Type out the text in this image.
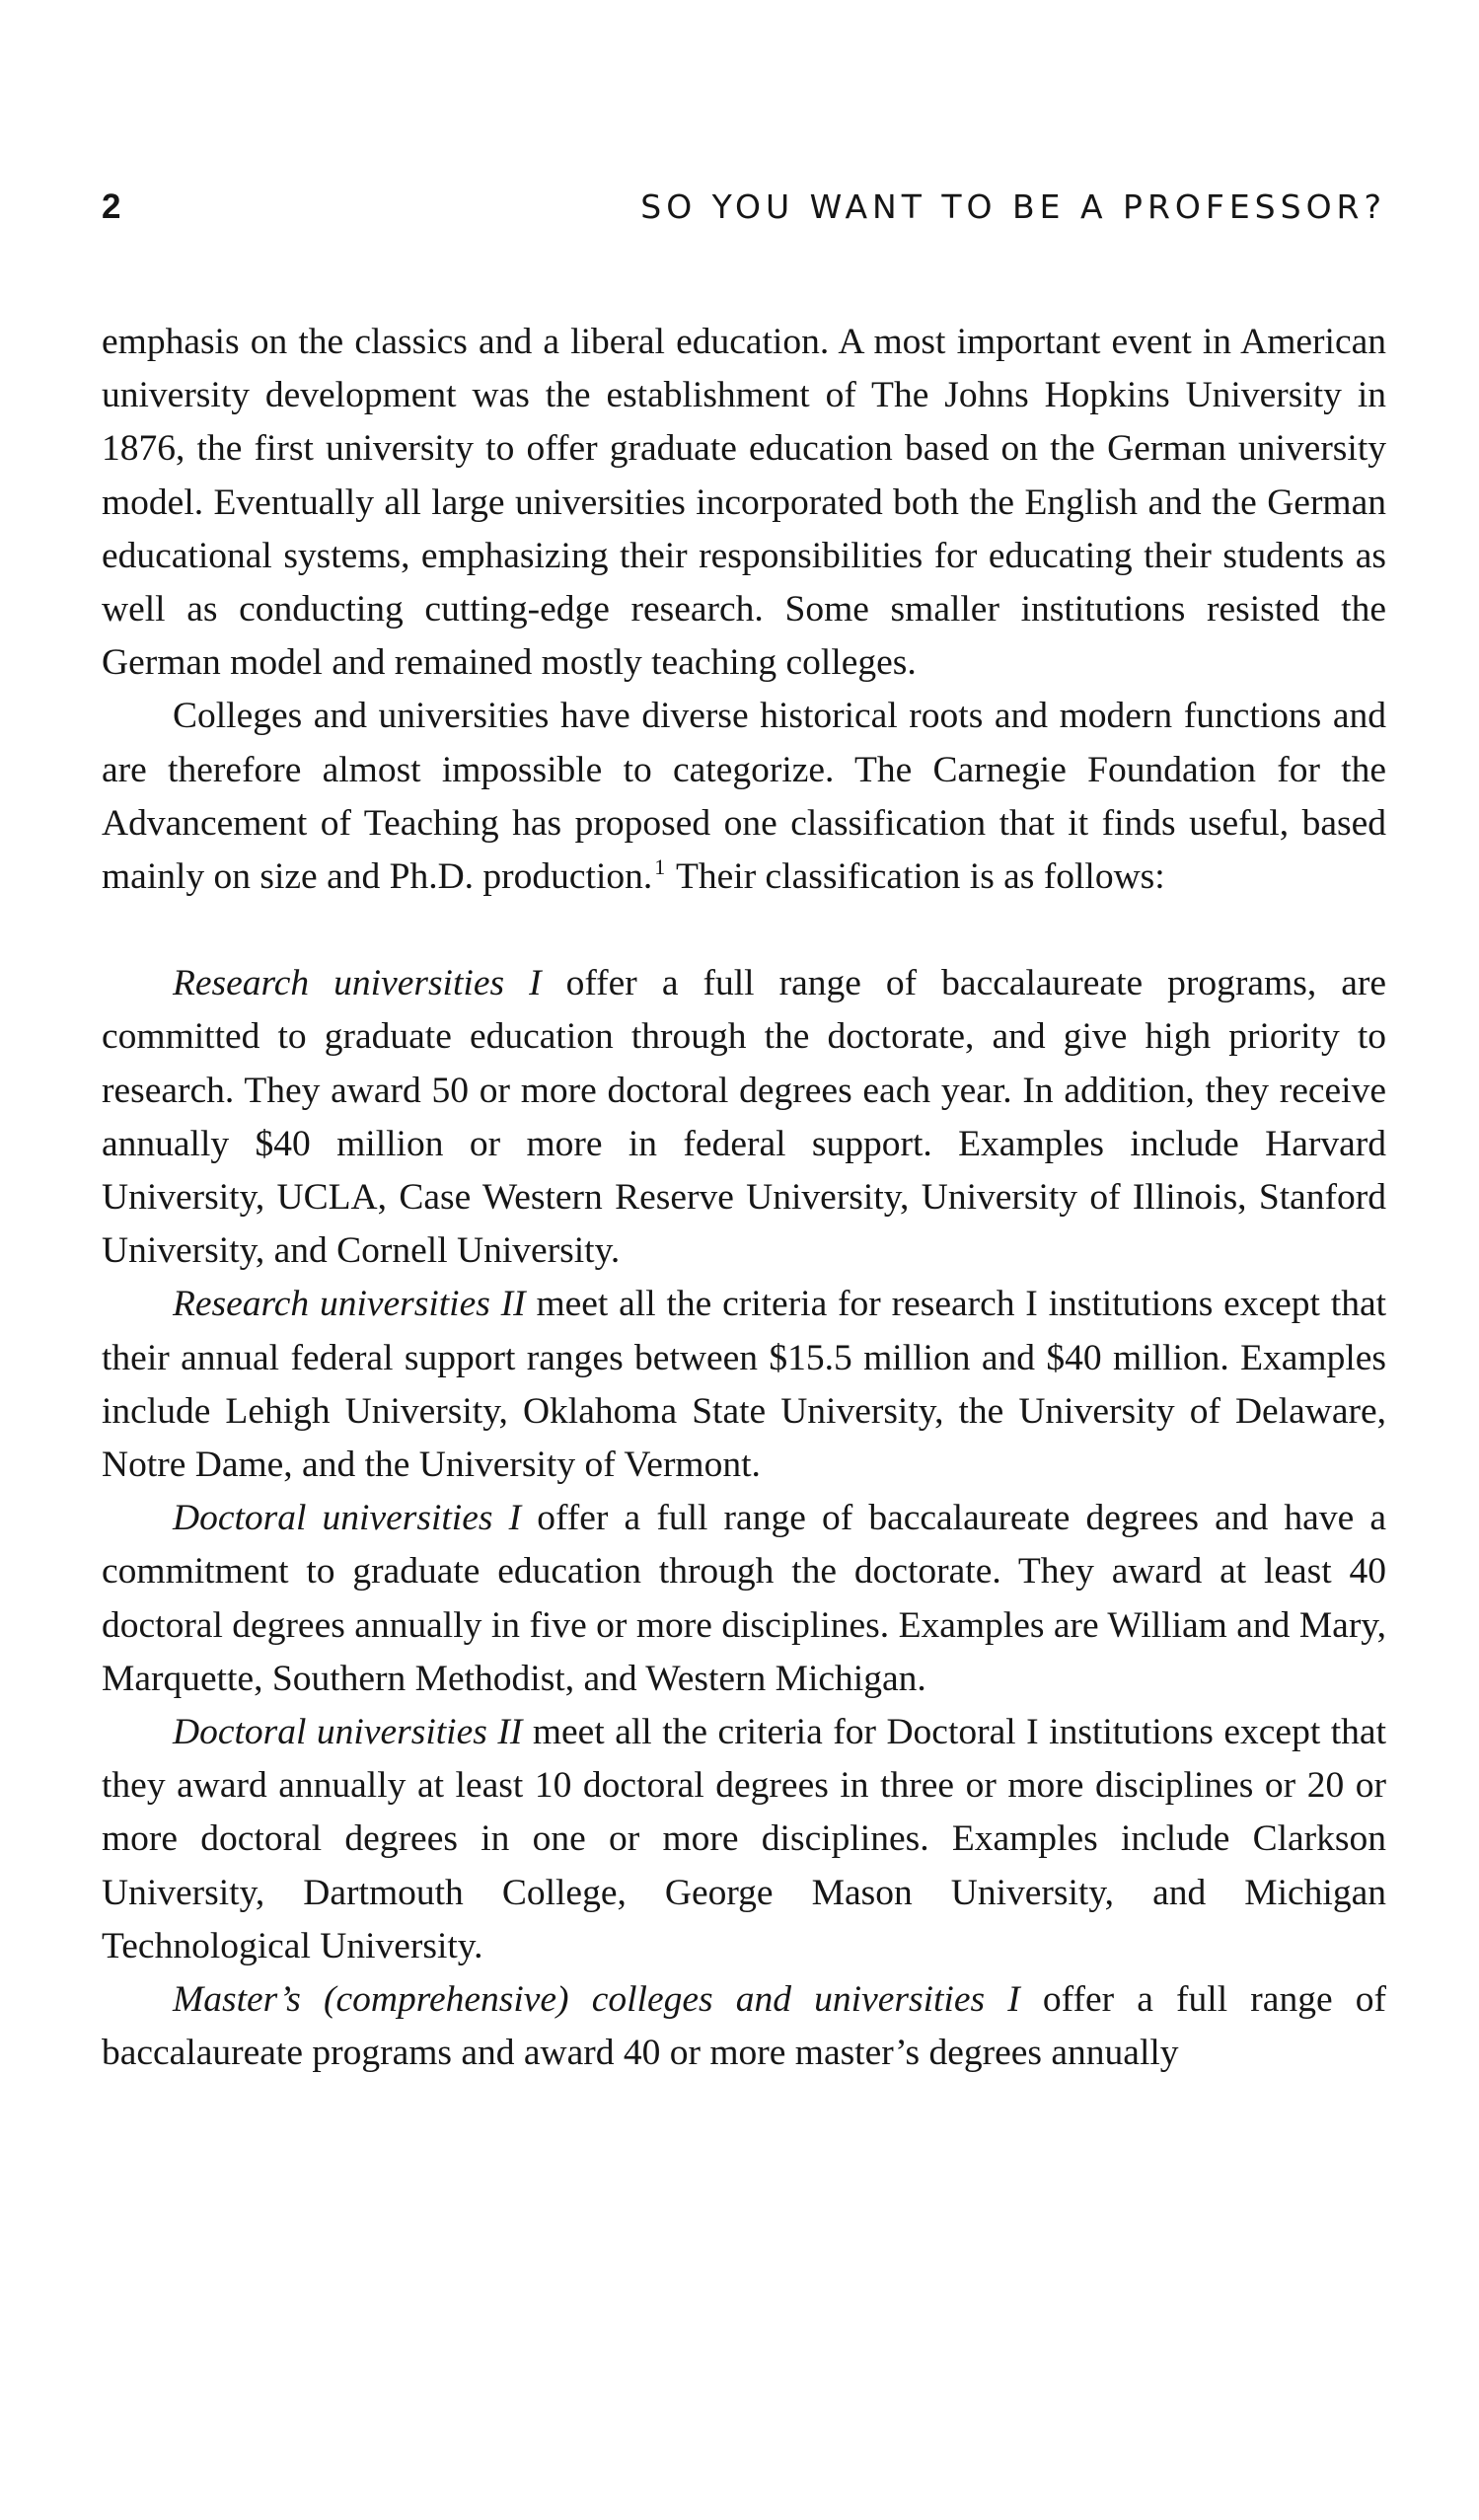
2	SO YOU WANT TO BE A PROFESSOR?

emphasis on the classics and a liberal education. A most important event in American university development was the establishment of The Johns Hopkins University in 1876, the first university to offer graduate education based on the German university model. Eventually all large universities incorporated both the English and the German educational systems, emphasizing their responsibilities for educating their students as well as conducting cutting-edge research. Some smaller institutions resisted the German model and remained mostly teaching colleges.

Colleges and universities have diverse historical roots and modern functions and are therefore almost impossible to categorize. The Carnegie Foundation for the Advancement of Teaching has proposed one classification that it finds useful, based mainly on size and Ph.D. production.$^1$ Their classification is as follows:

Research universities I offer a full range of baccalaureate programs, are committed to graduate education through the doctorate, and give high priority to research. They award 50 or more doctoral degrees each year. In addition, they receive annually $40 million or more in federal support. Examples include Harvard University, UCLA, Case Western Reserve University, University of Illinois, Stanford University, and Cornell University.

Research universities II meet all the criteria for research I institutions except that their annual federal support ranges between $15.5 million and $40 million. Examples include Lehigh University, Oklahoma State University, the University of Delaware, Notre Dame, and the University of Vermont.

Doctoral universities I offer a full range of baccalaureate degrees and have a commitment to graduate education through the doctorate. They award at least 40 doctoral degrees annually in five or more disciplines. Examples are William and Mary, Marquette, Southern Methodist, and Western Michigan.

Doctoral universities II meet all the criteria for Doctoral I institutions except that they award annually at least 10 doctoral degrees in three or more disciplines or 20 or more doctoral degrees in one or more disciplines. Examples include Clarkson University, Dartmouth College, George Mason University, and Michigan Technological University.

Master’s (comprehensive) colleges and universities I offer a full range of baccalaureate programs and award 40 or more master’s degrees annually
